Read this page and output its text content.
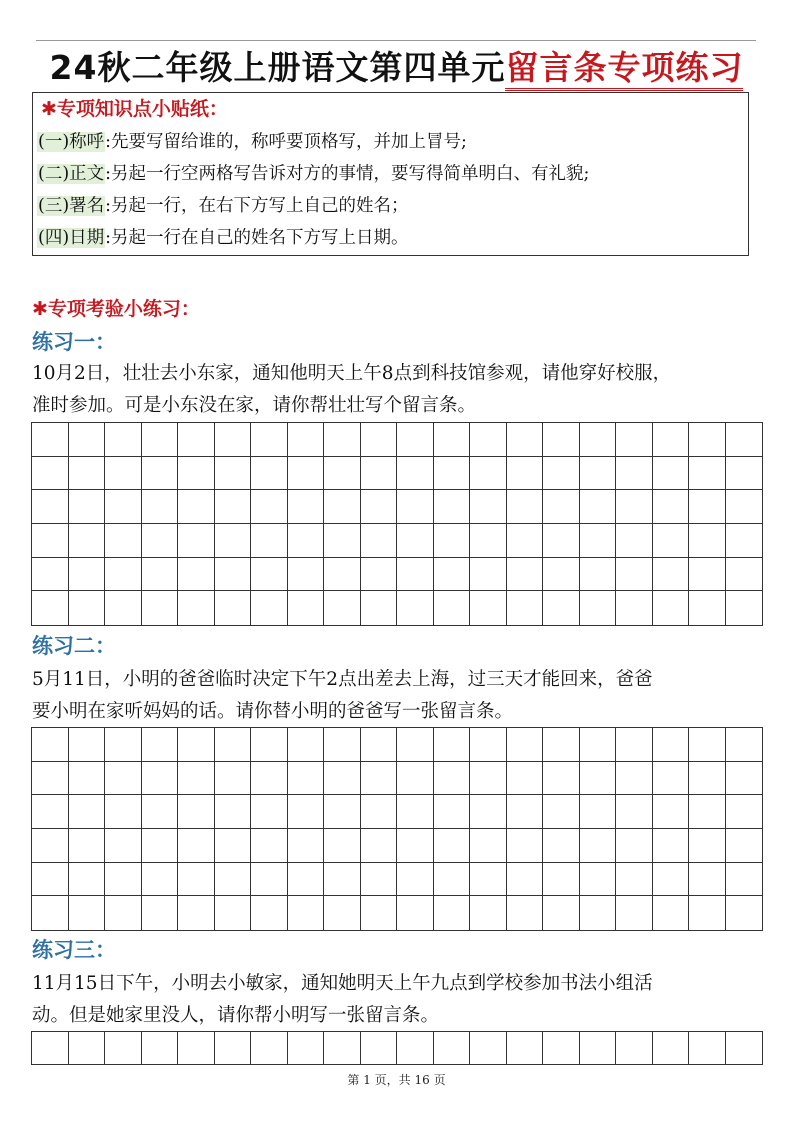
24秋二年级上册语文第四单元留言条专项练习
✱专项知识点小贴纸：
(一)称呼:先要写留给谁的，称呼要顶格写，并加上冒号;
(二)正文:另起一行空两格写告诉对方的事情，要写得简单明白、有礼貌;
(三)署名:另起一行，在右下方写上自己的姓名；
(四)日期:另起一行在自己的姓名下方写上日期。
✱专项考验小练习：
练习一：
10月2日，壮壮去小东家，通知他明天上午8点到科技馆参观，请他穿好校服，
准时参加。可是小东没在家，请你帮壮壮写个留言条。
练习二：
5月11日，小明的爸爸临时决定下午2点出差去上海，过三天才能回来，爸爸
要小明在家听妈妈的话。请你替小明的爸爸写一张留言条。
练习三：
11月15日下午，小明去小敏家，通知她明天上午九点到学校参加书法小组活
动。但是她家里没人，请你帮小明写一张留言条。
第 1 页，共 16 页
